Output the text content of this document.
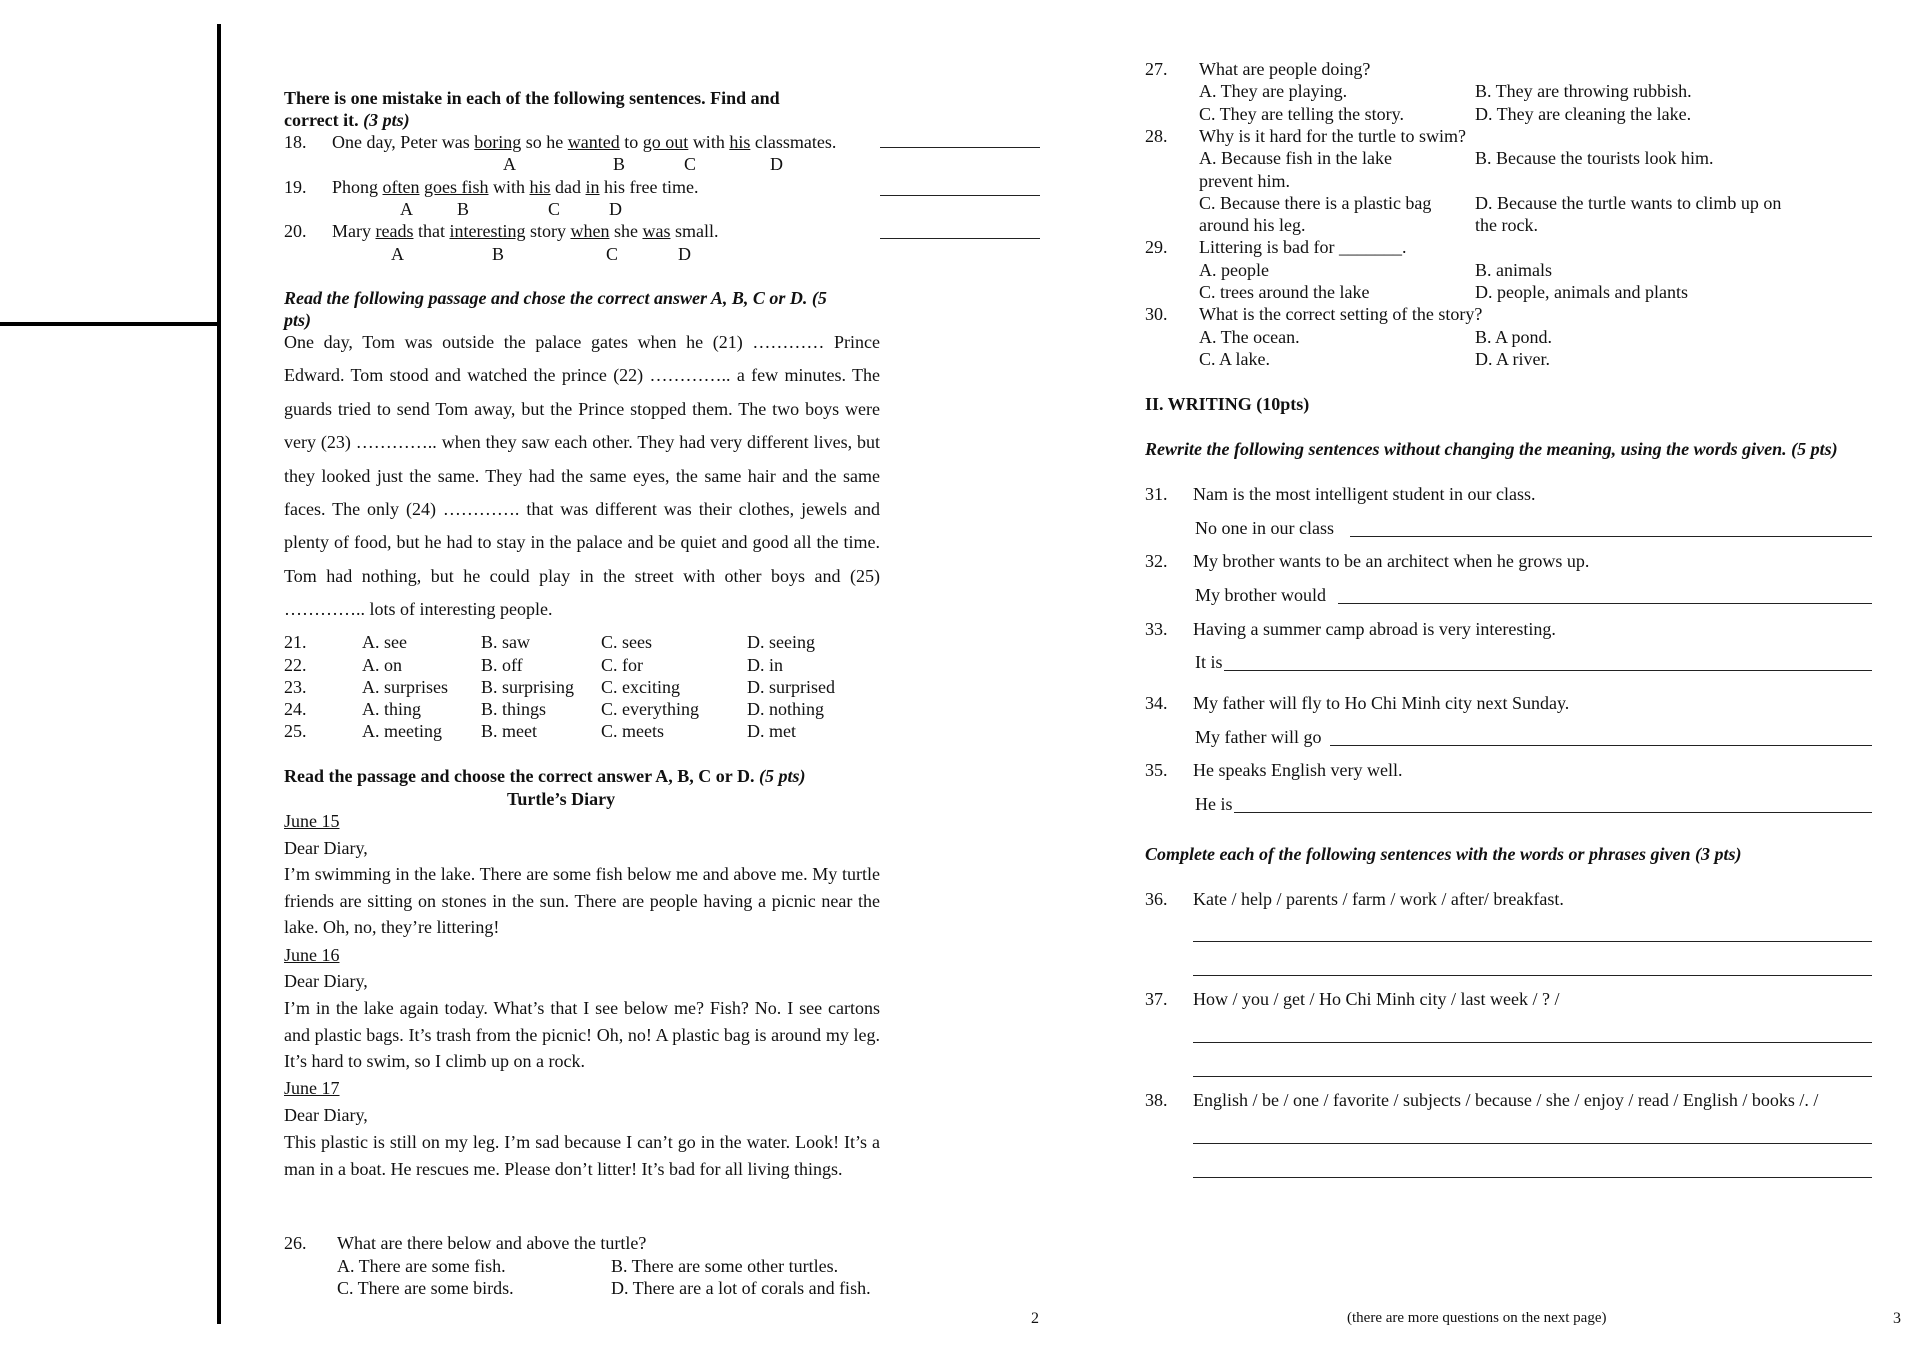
There is one mistake in each of the following sentences. Find and
correct it. (3 pts)
18. One day, Peter was boring so he wanted to go out with his classmates.
A	B	C	D
19. Phong often goes fish with his dad in his free time.
A B	C	D
20. Mary reads that interesting story when she was small.
A	B	C	D
Read the following passage and chose the correct answer A, B, C or D. (5
pts)
One day, Tom was outside the palace gates when he (21) ………… Prince Edward. Tom stood and watched the prince (22) ………….. a few minutes. The guards tried to send Tom away, but the Prince stopped them. The two boys were very (23) ………….. when they saw each other. They had very different lives, but they looked just the same. They had the same eyes, the same hair and the same faces. The only (24) …………. that was different was their clothes, jewels and plenty of food, but he had to stay in the palace and be quiet and good all the time. Tom had nothing, but he could play in the street with other boys and (25) ………….. lots of interesting people.
21.	A. see	B. saw	C. sees	D. seeing
22.	A. on	B. off	C. for	D. in
23.	A. surprises B. surprising C. exciting	D. surprised
24.	A. thing	B. things	C. everything	D. nothing
25.	A. meeting B. meet	C. meets	D. met
Read the passage and choose the correct answer A, B, C or D. (5 pts)
Turtle’s Diary
June 15
Dear Diary,
I’m swimming in the lake. There are some fish below me and above me. My turtle friends are sitting on stones in the sun. There are people having a picnic near the lake. Oh, no, they’re littering!
June 16
Dear Diary,
I’m in the lake again today. What’s that I see below me? Fish? No. I see cartons and plastic bags. It’s trash from the picnic! Oh, no! A plastic bag is around my leg. It’s hard to swim, so I climb up on a rock.
June 17
Dear Diary,
This plastic is still on my leg. I’m sad because I can’t go in the water. Look! It’s a man in a boat. He rescues me. Please don’t litter! It’s bad for all living things.
26. What are there below and above the turtle?
A. There are some fish.	B. There are some other turtles.
C. There are some birds.	D. There are a lot of corals and fish.
2
27. What are people doing?
A. They are playing.	B. They are throwing rubbish.
C. They are telling the story.	D. They are cleaning the lake.
28. Why is it hard for the turtle to swim?
A. Because fish in the lake
prevent him.
B. Because the tourists look him.
C. Because there is a plastic bag
around his leg.
D. Because the turtle wants to climb up on
the rock.
29. Littering is bad for _______.
A. people	B. animals
C. trees around the lake	D. people, animals and plants
30. What is the correct setting of the story?
A. The ocean.	B. A pond.
C. A lake.	D. A river.
II. WRITING (10pts)
Rewrite the following sentences without changing the meaning, using the words given. (5 pts)
31. Nam is the most intelligent student in our class.
No one in our class
32. My brother wants to be an architect when he grows up.
My brother would
33. Having a summer camp abroad is very interesting.
It is
34. My father will fly to Ho Chi Minh city next Sunday.
My father will go
35. He speaks English very well.
He is
Complete each of the following sentences with the words or phrases given (3 pts)
36. Kate / help / parents / farm / work / after/ breakfast.
37. How / you / get / Ho Chi Minh city / last week / ? /
38. English / be / one / favorite / subjects / because / she / enjoy / read / English / books /. /
(there are more questions on the next page)	3
